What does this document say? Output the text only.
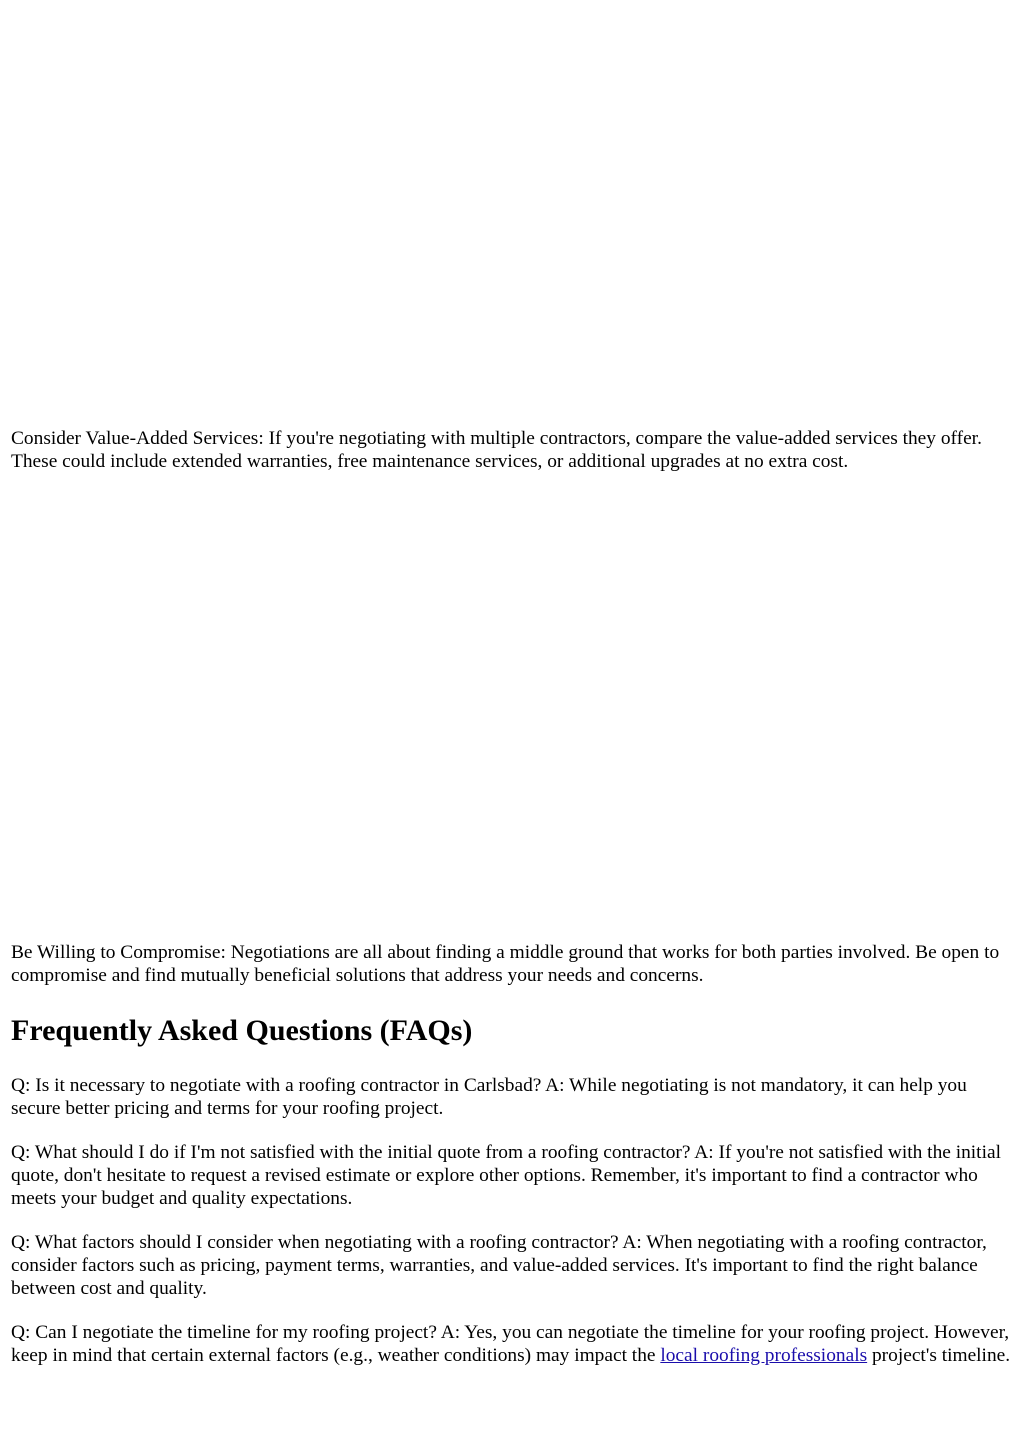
Consider Value-Added Services: If you're negotiating with multiple contractors, compare the value-added services they offer. These could include extended warranties, free maintenance services, or additional upgrades at no extra cost.

Be Willing to Compromise: Negotiations are all about finding a middle ground that works for both parties involved. Be open to compromise and find mutually beneficial solutions that address your needs and concerns.

Frequently Asked Questions (FAQs)

Q: Is it necessary to negotiate with a roofing contractor in Carlsbad? A: While negotiating is not mandatory, it can help you secure better pricing and terms for your roofing project.

Q: What should I do if I'm not satisfied with the initial quote from a roofing contractor? A: If you're not satisfied with the initial quote, don't hesitate to request a revised estimate or explore other options. Remember, it's important to find a contractor who meets your budget and quality expectations.

Q: What factors should I consider when negotiating with a roofing contractor? A: When negotiating with a roofing contractor, consider factors such as pricing, payment terms, warranties, and value-added services. It's important to find the right balance between cost and quality.

Q: Can I negotiate the timeline for my roofing project? A: Yes, you can negotiate the timeline for your roofing project. However, keep in mind that certain external factors (e.g., weather conditions) may impact the local roofing professionals project's timeline.
